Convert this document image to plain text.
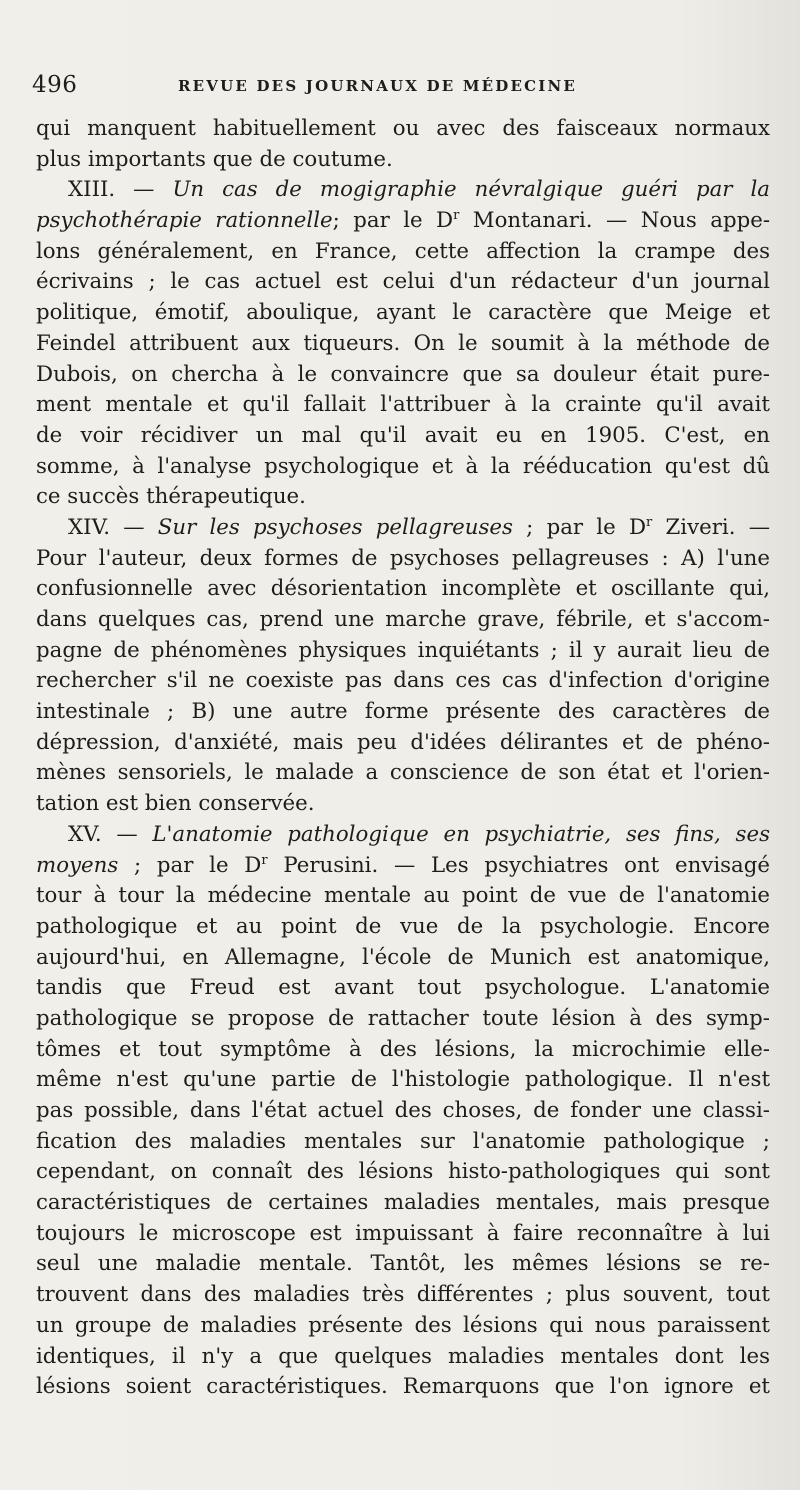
496	REVUE DES JOURNAUX DE MÉDECINE
qui manquent habituellement ou avec des faisceaux normaux
plus importants que de coutume.
XIII. — Un cas de mogigraphie névralgique guéri par la
psychothérapie rationnelle; par le $D^r$ Montanari. — Nous appe-
lons généralement, en France, cette affection la crampe des
écrivains ; le cas actuel est celui d'un rédacteur d'un journal
politique, émotif, aboulique, ayant le caractère que Meige et
Feindel attribuent aux tiqueurs. On le soumit à la méthode de
Dubois, on chercha à le convaincre que sa douleur était pure-
ment mentale et qu'il fallait l'attribuer à la crainte qu'il avait
de voir récidiver un mal qu'il avait eu en 1905. C'est, en
somme, à l'analyse psychologique et à la rééducation qu'est dû
ce succès thérapeutique.
XIV. — Sur les psychoses pellagreuses ; par le $D^r$ Ziveri. —
Pour l'auteur, deux formes de psychoses pellagreuses : A) l'une
confusionnelle avec désorientation incomplète et oscillante qui,
dans quelques cas, prend une marche grave, fébrile, et s'accom-
pagne de phénomènes physiques inquiétants ; il y aurait lieu de
rechercher s'il ne coexiste pas dans ces cas d'infection d'origine
intestinale ; B) une autre forme présente des caractères de
dépression, d'anxiété, mais peu d'idées délirantes et de phéno-
mènes sensoriels, le malade a conscience de son état et l'orien-
tation est bien conservée.
XV. — L'anatomie pathologique en psychiatrie, ses fins, ses
moyens ; par le $D^r$ Perusini. — Les psychiatres ont envisagé
tour à tour la médecine mentale au point de vue de l'anatomie
pathologique et au point de vue de la psychologie. Encore
aujourd'hui, en Allemagne, l'école de Munich est anatomique,
tandis que Freud est avant tout psychologue. L'anatomie
pathologique se propose de rattacher toute lésion à des symp-
tômes et tout symptôme à des lésions, la microchimie elle-
même n'est qu'une partie de l'histologie pathologique. Il n'est
pas possible, dans l'état actuel des choses, de fonder une classi-
fication des maladies mentales sur l'anatomie pathologique ;
cependant, on connaît des lésions histo-pathologiques qui sont
caractéristiques de certaines maladies mentales, mais presque
toujours le microscope est impuissant à faire reconnaître à lui
seul une maladie mentale. Tantôt, les mêmes lésions se re-
trouvent dans des maladies très différentes ; plus souvent, tout
un groupe de maladies présente des lésions qui nous paraissent
identiques, il n'y a que quelques maladies mentales dont les
lésions soient caractéristiques. Remarquons que l'on ignore et
